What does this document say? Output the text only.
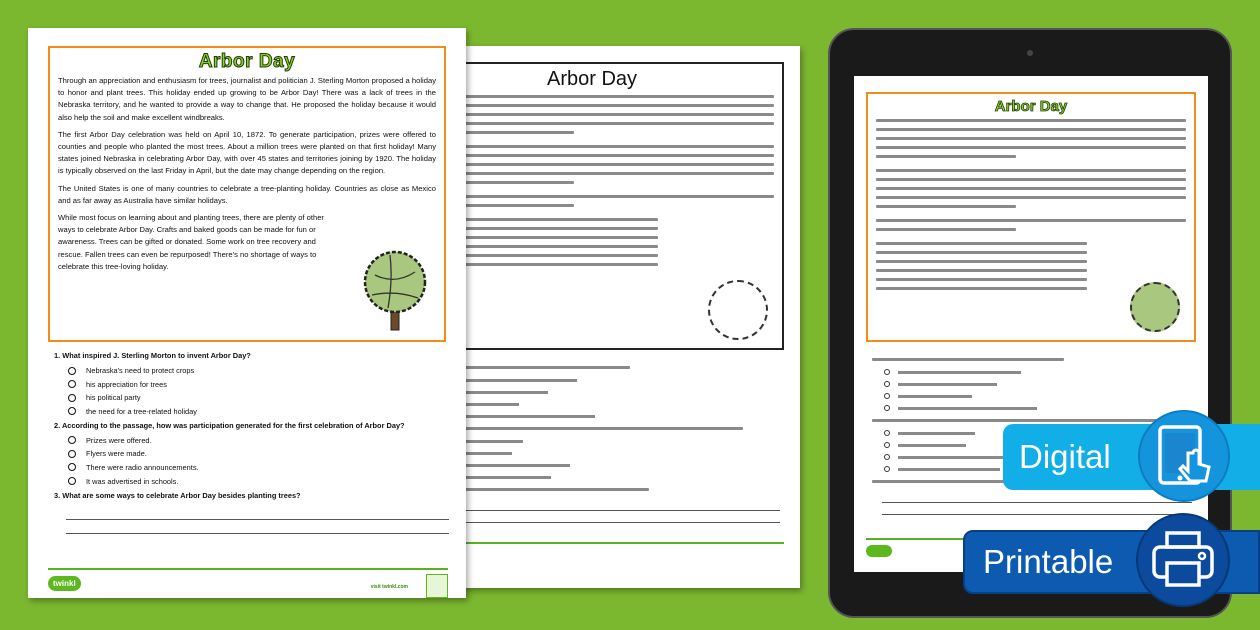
Arbor Day
Arbor Day

Through an appreciation and enthusiasm for trees, journalist and politician J. Sterling Morton proposed a holiday to honor and plant trees. This holiday ended up growing to be Arbor Day! There was a lack of trees in the Nebraska territory, and he wanted to provide a way to change that. He proposed the holiday because it would also help the soil and make excellent windbreaks.

The first Arbor Day celebration was held on April 10, 1872. To generate participation, prizes were offered to counties and people who planted the most trees. About a million trees were planted on that first holiday! Many states joined Nebraska in celebrating Arbor Day, with over 45 states and territories joining by 1920. The holiday is typically observed on the last Friday in April, but the date may change depending on the region.

The United States is one of many countries to celebrate a tree-planting holiday. Countries as close as Mexico and as far away as Australia have similar holidays.

While most focus on learning about and planting trees, there are plenty of other ways to celebrate Arbor Day. Crafts and baked goods can be made for fun or awareness. Trees can be gifted or donated. Some work on tree recovery and rescue. Fallen trees can even be repurposed! There's no shortage of ways to celebrate this tree-loving holiday.

1. What inspired J. Sterling Morton to invent Arbor Day?
Nebraska's need to protect crops
his appreciation for trees
his political party
the need for a tree-related holiday
2. According to the passage, how was participation generated for the first celebration of Arbor Day?
Prizes were offered.
Flyers were made.
There were radio announcements.
It was advertised in schools.
3. What are some ways to celebrate Arbor Day besides planting trees?
twinkl	visit twinkl.com
Arbor Day
Digital
Printable
